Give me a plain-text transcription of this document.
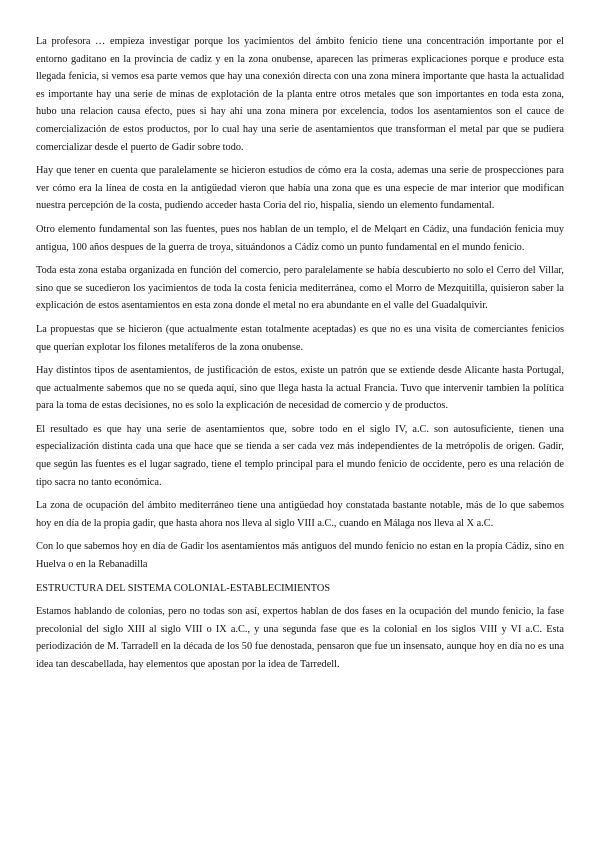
La profesora … empieza investigar porque los yacimientos del ámbito fenicio tiene una concentración importante por el entorno gaditano en la provincia de cadiz y en la zona onubense, aparecen las primeras explicaciones porque e produce esta llegada fenicia, si vemos esa parte vemos que hay una conexión directa con una zona minera importante que hasta la actualidad es importante hay una serie de minas de explotación de la planta entre otros metales que son importantes en toda esta zona, hubo una relacion causa efecto, pues si hay ahí una zona minera por excelencia, todos los asentamientos son el cauce de comercialización de estos productos, por lo cual hay una serie de asentamientos que transforman el metal par que se pudiera comercializar desde el puerto de Gadir sobre todo.

Hay que tener en cuenta que paralelamente se hicieron estudios de cómo era la costa, ademas una serie de prospecciones para ver cómo era la línea de costa en la antigüedad vieron que había una zona que es una especie de mar interior que modifican nuestra percepción de la costa, pudiendo acceder hasta Coria del rio, hispalia, siendo un elemento fundamental.

Otro elemento fundamental son las fuentes, pues nos hablan de un templo, el de Melqart en Cádiz, una fundación fenicia muy antigua, 100 años despues de la guerra de troya, situándonos a Cádiz como un punto fundamental en el mundo fenicio.

Toda esta zona estaba organizada en función del comercio, pero paralelamente se había descubierto no solo el Cerro del Villar, sino que se sucedieron los yacimientos de toda la costa fenicia mediterránea, como el Morro de Mezquitilla, quisieron saber la explicación de estos asentamientos en esta zona donde el metal no era abundante en el valle del Guadalquivir.

La propuestas que se hicieron (que actualmente estan totalmente aceptadas) es que no es una visita de comerciantes fenicios que querían explotar los filones metalíferos de la zona onubense.

Hay distintos tipos de asentamientos, de justificación de estos, existe un patrón que se extiende desde Alicante hasta Portugal, que actualmente sabemos que no se queda aquí, sino que llega hasta la actual Francia. Tuvo que intervenir tambien la política para la toma de estas decisiones, no es solo la explicación de necesidad de comercio y de productos.

El resultado es que hay una serie de asentamientos que, sobre todo en el siglo IV, a.C. son autosuficiente, tienen una especialización distinta cada una que hace que se tienda a ser cada vez más independientes de la metrópolis de origen. Gadir, que según las fuentes es el lugar sagrado, tiene el templo principal para el mundo fenicio de occidente, pero es una relación de tipo sacra no tanto económica.

La zona de ocupación del ámbito mediterráneo tiene una antigüedad hoy constatada bastante notable, más de lo que sabemos hoy en día de la propia gadir, que hasta ahora nos lleva al siglo VIII a.C., cuando en Málaga nos lleva al X a.C.

Con lo que sabemos hoy en día de Gadir los asentamientos más antiguos del mundo fenicio no estan en la propia Cádiz, sino en Huelva o en la Rebanadilla

ESTRUCTURA DEL SISTEMA COLONIAL-ESTABLECIMIENTOS

Estamos hablando de colonias, pero no todas son así, expertos hablan de dos fases en la ocupación del mundo fenicio, la fase precolonial del siglo XIII al siglo VIII o IX a.C., y una segunda fase que es la colonial en los siglos VIII y VI a.C. Esta periodización de M. Tarradell en la década de los 50 fue denostada, pensaron que fue un insensato, aunque hoy en día no es una idea tan descabellada, hay elementos que apostan por la idea de Tarredell.
